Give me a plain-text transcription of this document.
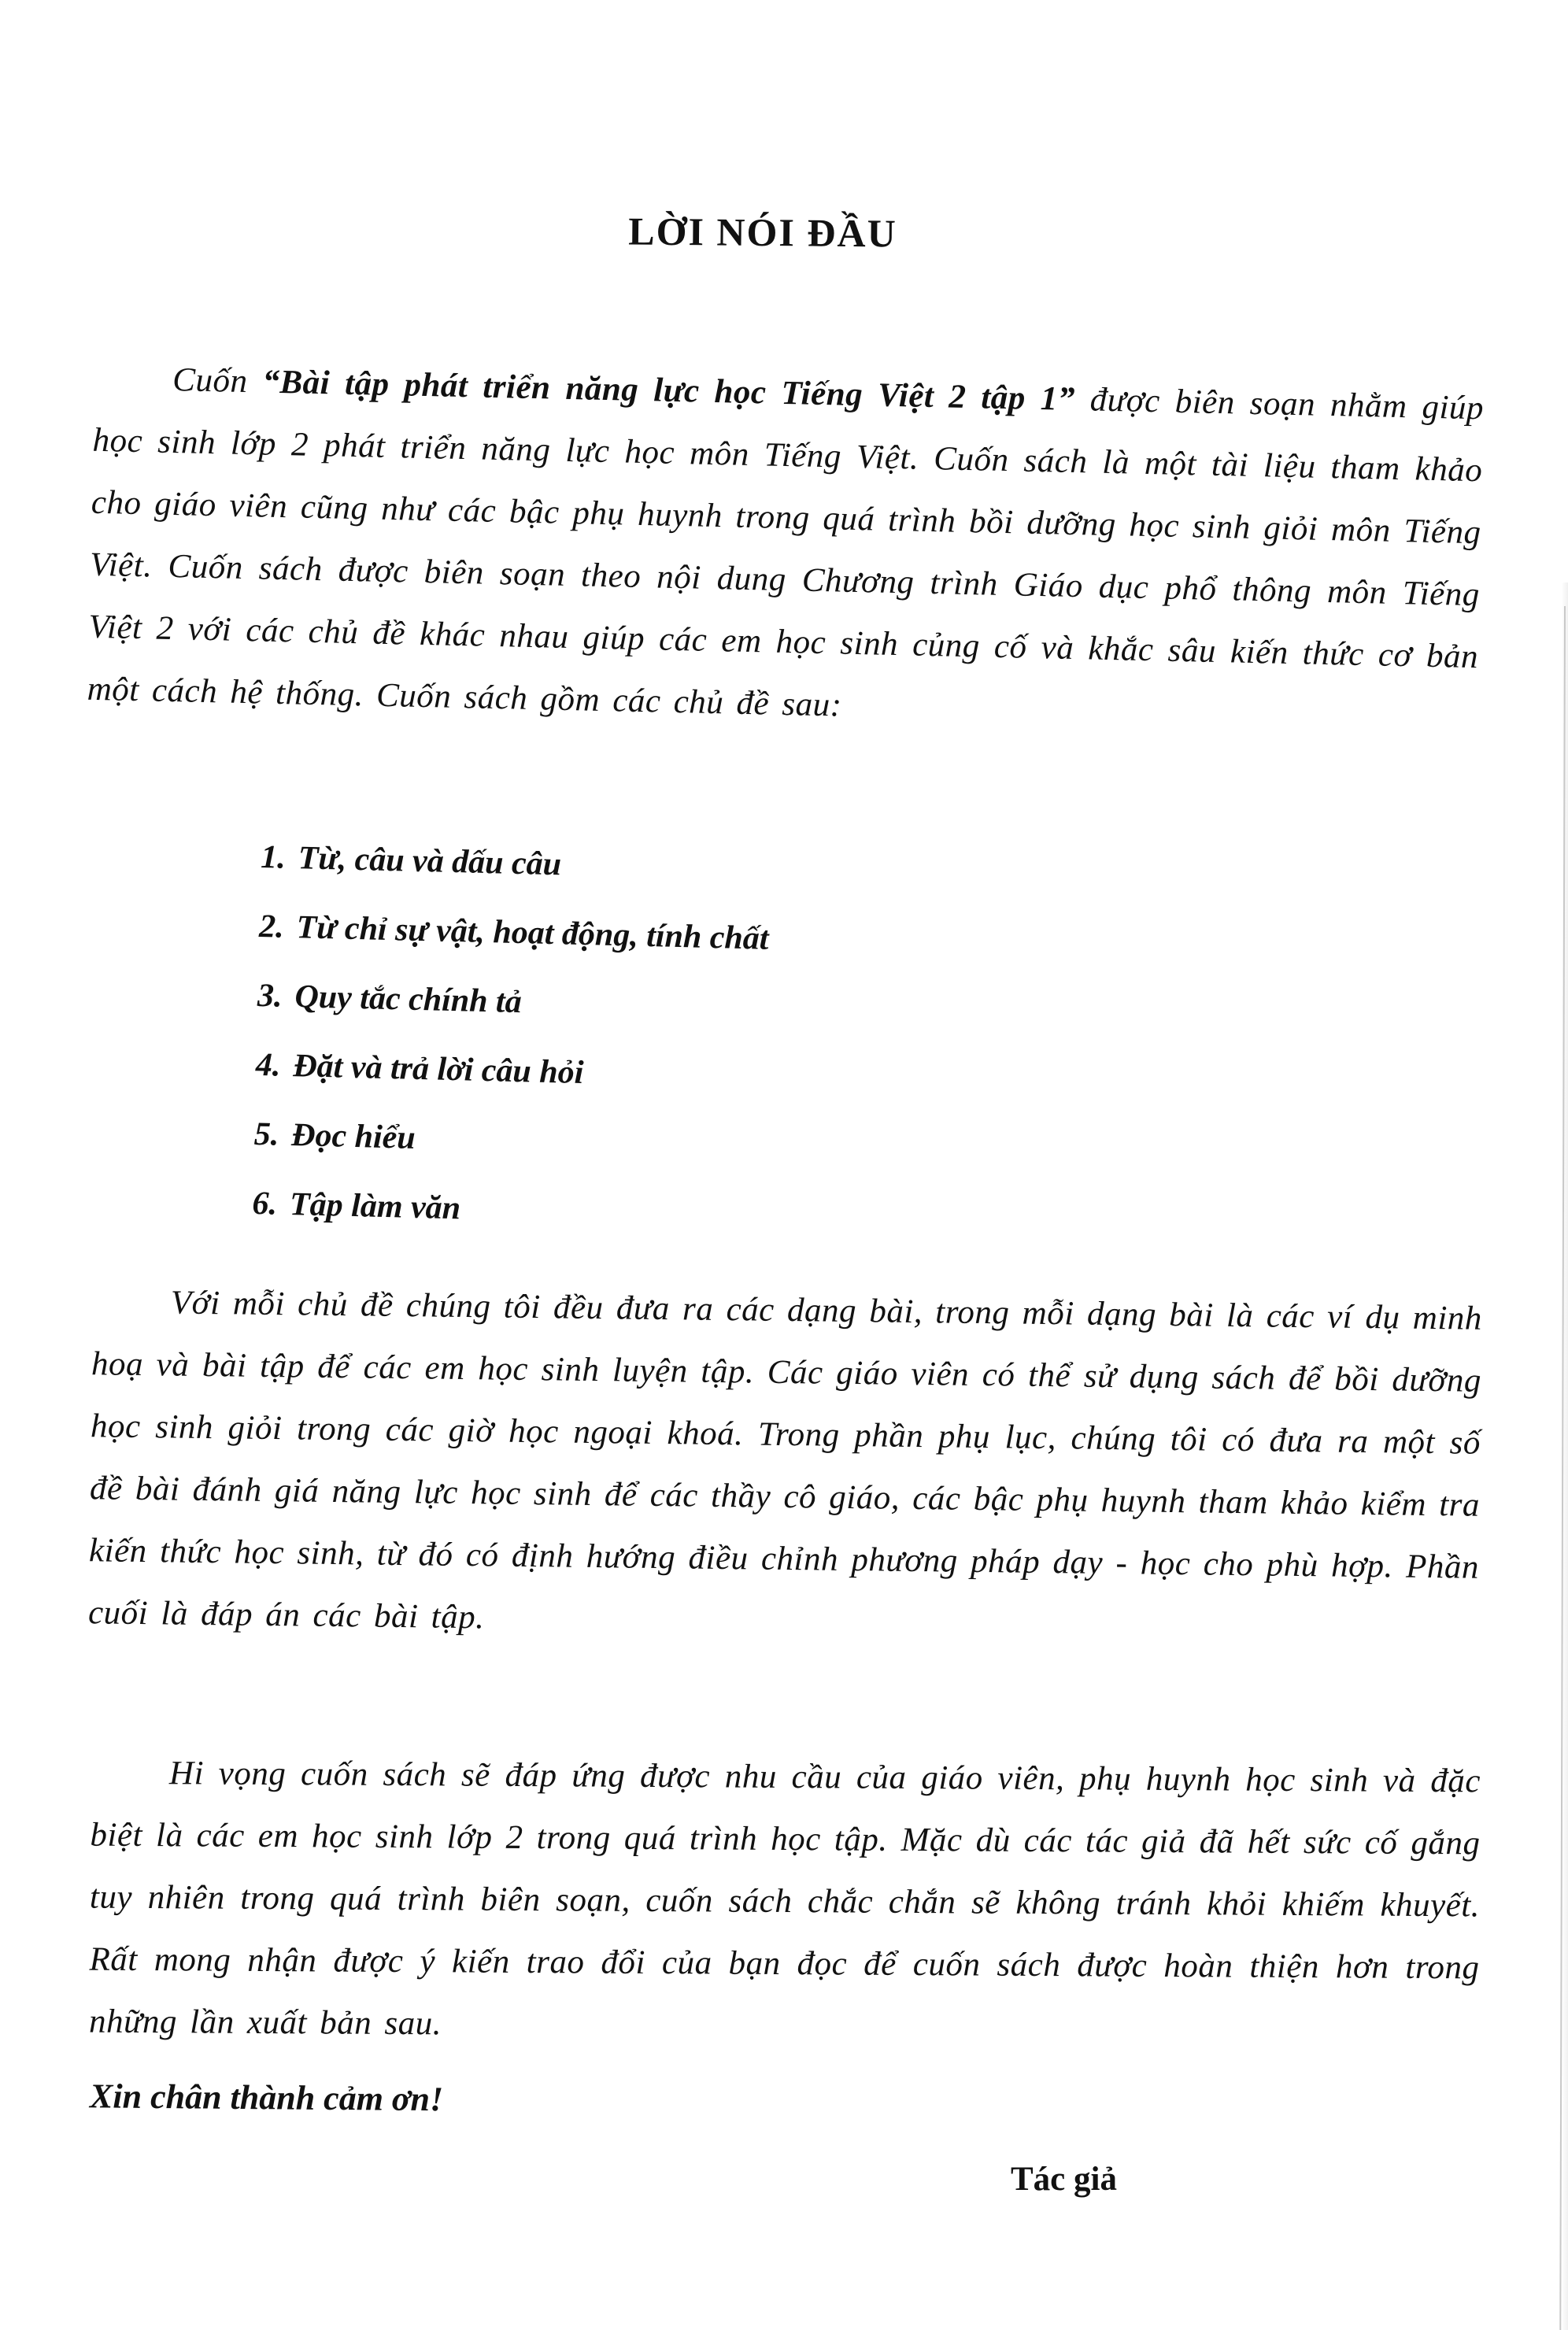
LỜI NÓI ĐẦU

Cuốn “Bài tập phát triển năng lực học Tiếng Việt 2 tập 1” được biên soạn nhằm giúp học sinh lớp 2 phát triển năng lực học môn Tiếng Việt. Cuốn sách là một tài liệu tham khảo cho giáo viên cũng như các bậc phụ huynh trong quá trình bồi dưỡng học sinh giỏi môn Tiếng Việt. Cuốn sách được biên soạn theo nội dung Chương trình Giáo dục phổ thông môn Tiếng Việt 2 với các chủ đề khác nhau giúp các em học sinh củng cố và khắc sâu kiến thức cơ bản một cách hệ thống. Cuốn sách gồm các chủ đề sau:

1. Từ, câu và dấu câu
2. Từ chỉ sự vật, hoạt động, tính chất
3. Quy tắc chính tả
4. Đặt và trả lời câu hỏi
5. Đọc hiểu
6. Tập làm văn

Với mỗi chủ đề chúng tôi đều đưa ra các dạng bài, trong mỗi dạng bài là các ví dụ minh hoạ và bài tập để các em học sinh luyện tập. Các giáo viên có thể sử dụng sách để bồi dưỡng học sinh giỏi trong các giờ học ngoại khoá. Trong phần phụ lục, chúng tôi có đưa ra một số đề bài đánh giá năng lực học sinh để các thầy cô giáo, các bậc phụ huynh tham khảo kiểm tra kiến thức học sinh, từ đó có định hướng điều chỉnh phương pháp dạy - học cho phù hợp. Phần cuối là đáp án các bài tập.

Hi vọng cuốn sách sẽ đáp ứng được nhu cầu của giáo viên, phụ huynh học sinh và đặc biệt là các em học sinh lớp 2 trong quá trình học tập. Mặc dù các tác giả đã hết sức cố gắng tuy nhiên trong quá trình biên soạn, cuốn sách chắc chắn sẽ không tránh khỏi khiếm khuyết. Rất mong nhận được ý kiến trao đổi của bạn đọc để cuốn sách được hoàn thiện hơn trong những lần xuất bản sau.

Xin chân thành cảm ơn!

Tác giả
